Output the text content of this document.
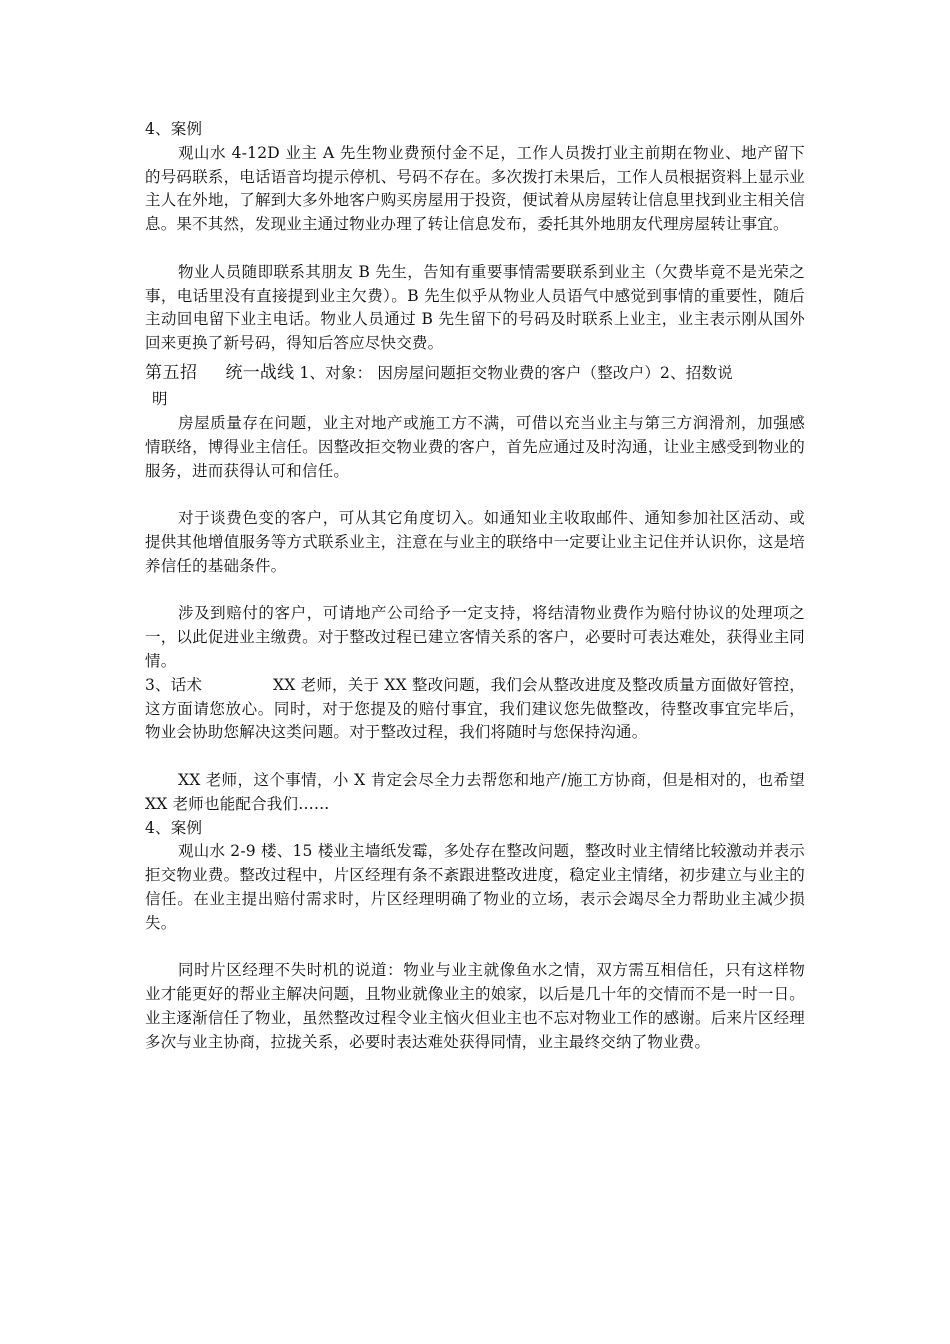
4、案例

观山水 4-12D 业主 A 先生物业费预付金不足，工作人员拨打业主前期在物业、地产留下的号码联系，电话语音均提示停机、号码不存在。多次拨打未果后，工作人员根据资料上显示业主人在外地，了解到大多外地客户购买房屋用于投资，便试着从房屋转让信息里找到业主相关信息。果不其然，发现业主通过物业办理了转让信息发布，委托其外地朋友代理房屋转让事宜。

物业人员随即联系其朋友 B 先生，告知有重要事情需要联系到业主（欠费毕竟不是光荣之事，电话里没有直接提到业主欠费）。B 先生似乎从物业人员语气中感觉到事情的重要性，随后主动回电留下业主电话。物业人员通过 B 先生留下的号码及时联系上业主，业主表示刚从国外回来更换了新号码，得知后答应尽快交费。

第五招 统一战线 1、对象： 因房屋问题拒交物业费的客户（整改户）2、招数说

明

房屋质量存在问题，业主对地产或施工方不满，可借以充当业主与第三方润滑剂，加强感情联络，博得业主信任。因整改拒交物业费的客户，首先应通过及时沟通，让业主感受到物业的服务，进而获得认可和信任。

对于谈费色变的客户，可从其它角度切入。如通知业主收取邮件、通知参加社区活动、或提供其他增值服务等方式联系业主，注意在与业主的联络中一定要让业主记住并认识你，这是培养信任的基础条件。

涉及到赔付的客户，可请地产公司给予一定支持，将结清物业费作为赔付协议的处理项之一，以此促进业主缴费。对于整改过程已建立客情关系的客户，必要时可表达难处，获得业主同情。

3、话术	XX 老师，关于 XX 整改问题，我们会从整改进度及整改质量方面做好管控，这方面请您放心。同时，对于您提及的赔付事宜，我们建议您先做整改，待整改事宜完毕后， 物业会协助您解决这类问题。对于整改过程，我们将随时与您保持沟通。

XX 老师，这个事情，小 X 肯定会尽全力去帮您和地产/施工方协商，但是相对的，也希望 XX 老师也能配合我们……

4、案例

观山水 2-9 楼、15 楼业主墙纸发霉，多处存在整改问题，整改时业主情绪比较激动并表示拒交物业费。整改过程中，片区经理有条不紊跟进整改进度，稳定业主情绪，初步建立与业主的信任。在业主提出赔付需求时，片区经理明确了物业的立场，表示会竭尽全力帮助业主减少损失。

同时片区经理不失时机的说道：物业与业主就像鱼水之情，双方需互相信任，只有这样物业才能更好的帮业主解决问题，且物业就像业主的娘家，以后是几十年的交情而不是一时一日。业主逐渐信任了物业，虽然整改过程令业主恼火但业主也不忘对物业工作的感谢。后来片区经理多次与业主协商，拉拢关系，必要时表达难处获得同情，业主最终交纳了物业费。
